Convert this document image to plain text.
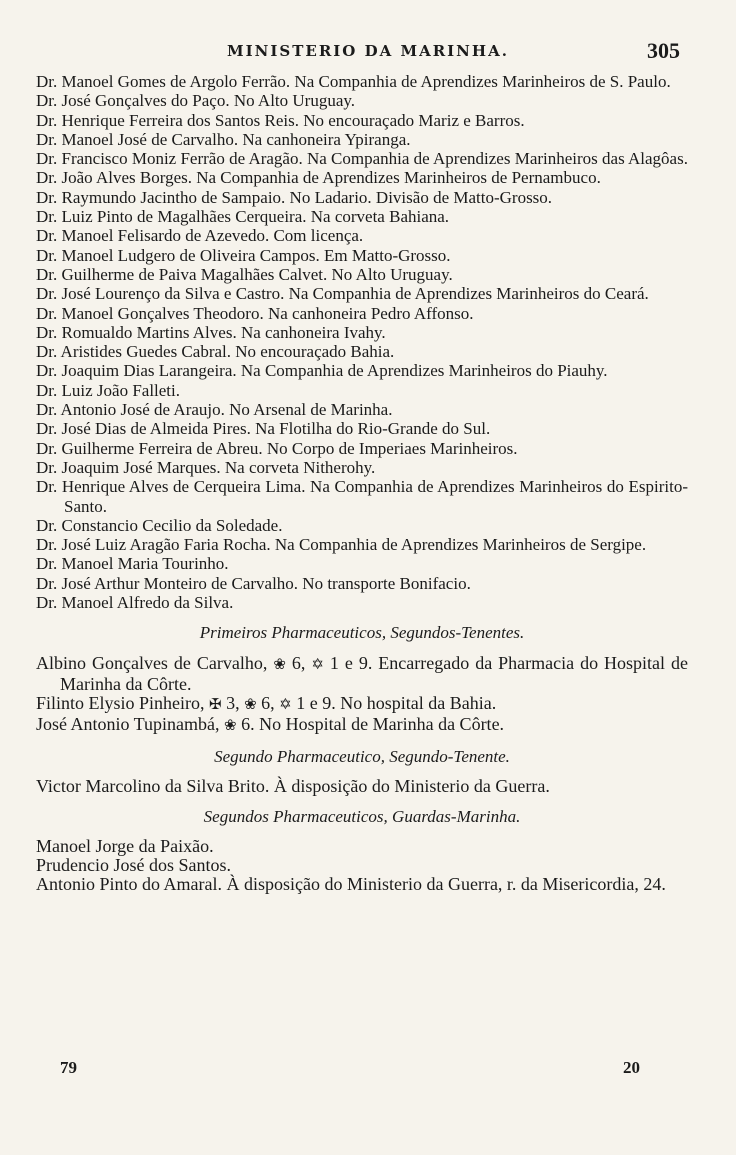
MINISTERIO DA MARINHA.	305
Dr. Manoel Gomes de Argolo Ferrão. Na Companhia de Aprendizes Marinheiros de S. Paulo.
Dr. José Gonçalves do Paço. No Alto Uruguay.
Dr. Henrique Ferreira dos Santos Reis. No encouraçado Mariz e Barros.
Dr. Manoel José de Carvalho. Na canhoneira Ypiranga.
Dr. Francisco Moniz Ferrão de Aragão. Na Companhia de Aprendizes Marinheiros das Alagôas.
Dr. João Alves Borges. Na Companhia de Aprendizes Marinheiros de Pernambuco.
Dr. Raymundo Jacintho de Sampaio. No Ladario. Divisão de Matto-Grosso.
Dr. Luiz Pinto de Magalhães Cerqueira. Na corveta Bahiana.
Dr. Manoel Felisardo de Azevedo. Com licença.
Dr. Manoel Ludgero de Oliveira Campos. Em Matto-Grosso.
Dr. Guilherme de Paiva Magalhães Calvet. No Alto Uruguay.
Dr. José Lourenço da Silva e Castro. Na Companhia de Aprendizes Marinheiros do Ceará.
Dr. Manoel Gonçalves Theodoro. Na canhoneira Pedro Affonso.
Dr. Romualdo Martins Alves. Na canhoneira Ivahy.
Dr. Aristides Guedes Cabral. No encouraçado Bahia.
Dr. Joaquim Dias Larangeira. Na Companhia de Aprendizes Marinheiros do Piauhy.
Dr. Luiz João Falleti.
Dr. Antonio José de Araujo. No Arsenal de Marinha.
Dr. José Dias de Almeida Pires. Na Flotilha do Rio-Grande do Sul.
Dr. Guilherme Ferreira de Abreu. No Corpo de Imperiaes Marinheiros.
Dr. Joaquim José Marques. Na corveta Nitherohy.
Dr. Henrique Alves de Cerqueira Lima. Na Companhia de Aprendizes Marinheiros do Espirito-Santo.
Dr. Constancio Cecilio da Soledade.
Dr. José Luiz Aragão Faria Rocha. Na Companhia de Aprendizes Marinheiros de Sergipe.
Dr. Manoel Maria Tourinho.
Dr. José Arthur Monteiro de Carvalho. No transporte Bonifacio.
Dr. Manoel Alfredo da Silva.
Primeiros Pharmaceuticos, Segundos-Tenentes.
Albino Gonçalves de Carvalho, ❀ 6, ✡ 1 e 9. Encarregado da Pharmacia do Hospital de Marinha da Côrte.
Filinto Elysio Pinheiro, ✠ 3, ❀ 6, ✡ 1 e 9. No hospital da Bahia.
José Antonio Tupinambá, ❀ 6. No Hospital de Marinha da Côrte.
Segundo Pharmaceutico, Segundo-Tenente.
Victor Marcolino da Silva Brito. À disposição do Ministerio da Guerra.
Segundos Pharmaceuticos, Guardas-Marinha.
Manoel Jorge da Paixão.
Prudencio José dos Santos.
Antonio Pinto do Amaral. À disposição do Ministerio da Guerra, r. da Misericordia, 24.
79	20
